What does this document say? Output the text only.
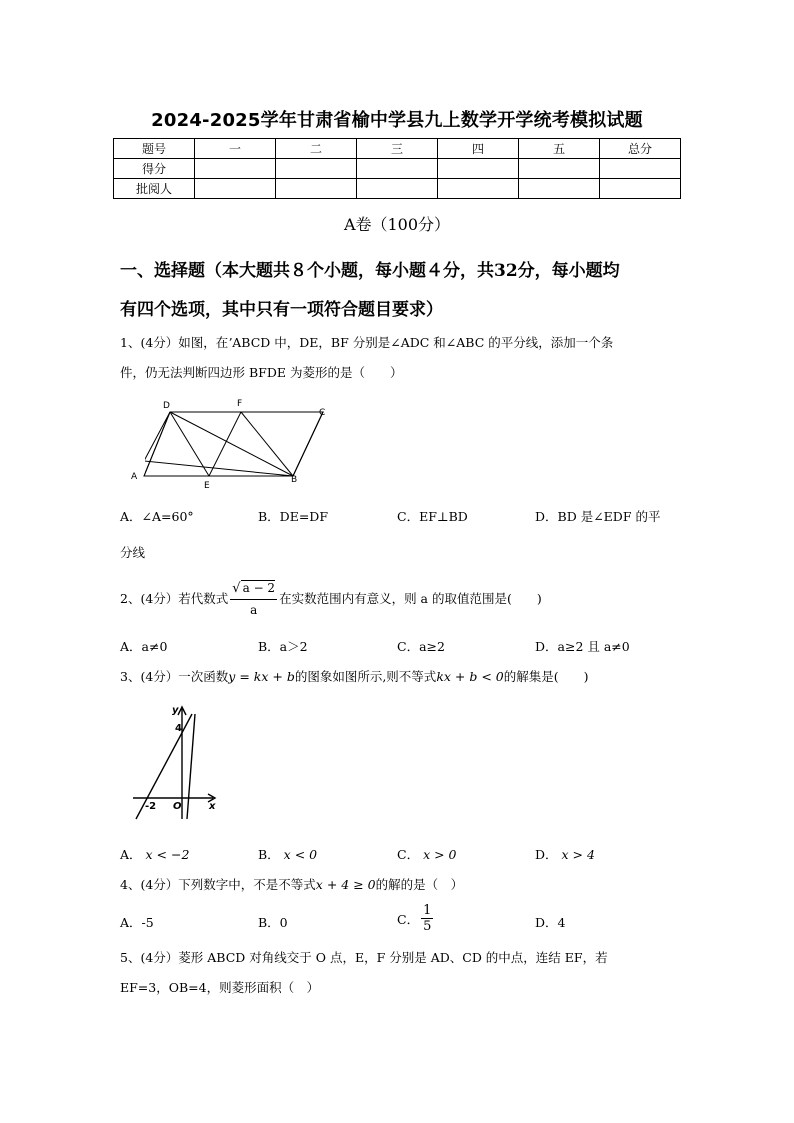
2024-2025学年甘肃省榆中学县九上数学开学统考模拟试题
题号	一	二	三	四	五	总分
得分						
批阅人						
A卷（100分）
一、选择题（本大题共８个小题，每小题４分，共32分，每小题均
有四个选项，其中只有一项符合题目要求）
1、(4分）如图，在ʼABCD 中，DE，BF 分别是∠ADC 和∠ABC 的平分线，添加一个条
件，仍无法判断四边形 BFDE 为菱形的是（　　）
D	F
C
A
E
B
A．∠A=60°	B．DE=DF	C．EF⊥BD	D．BD 是∠EDF 的平
分线
2、(4分）若代数式 $\frac{√ a - 2}{a}$ 在实数范围内有意义，则 a 的取值范围是(　　)
A．a≠0	B．a＞2	C．a≥2	D．a≥2 且 a≠0
3、(4分）一次函数y = kx + b的图象如图所示,则不等式kx + b < 0的解集是(　　)
y
4
-2 O	x
A． x < −2	B． x < 0	C． x > 0	D． x > 4
4、(4分）下列数字中，不是不等式x + 4 ≥ 0的解的是（　）
A．-5	B．0	C． $\frac{1}{5}$	D．4
5、(4分）菱形 ABCD 对角线交于 O 点，E，F 分别是 AD、CD 的中点，连结 EF，若
EF=3，OB=4，则菱形面积（　）
